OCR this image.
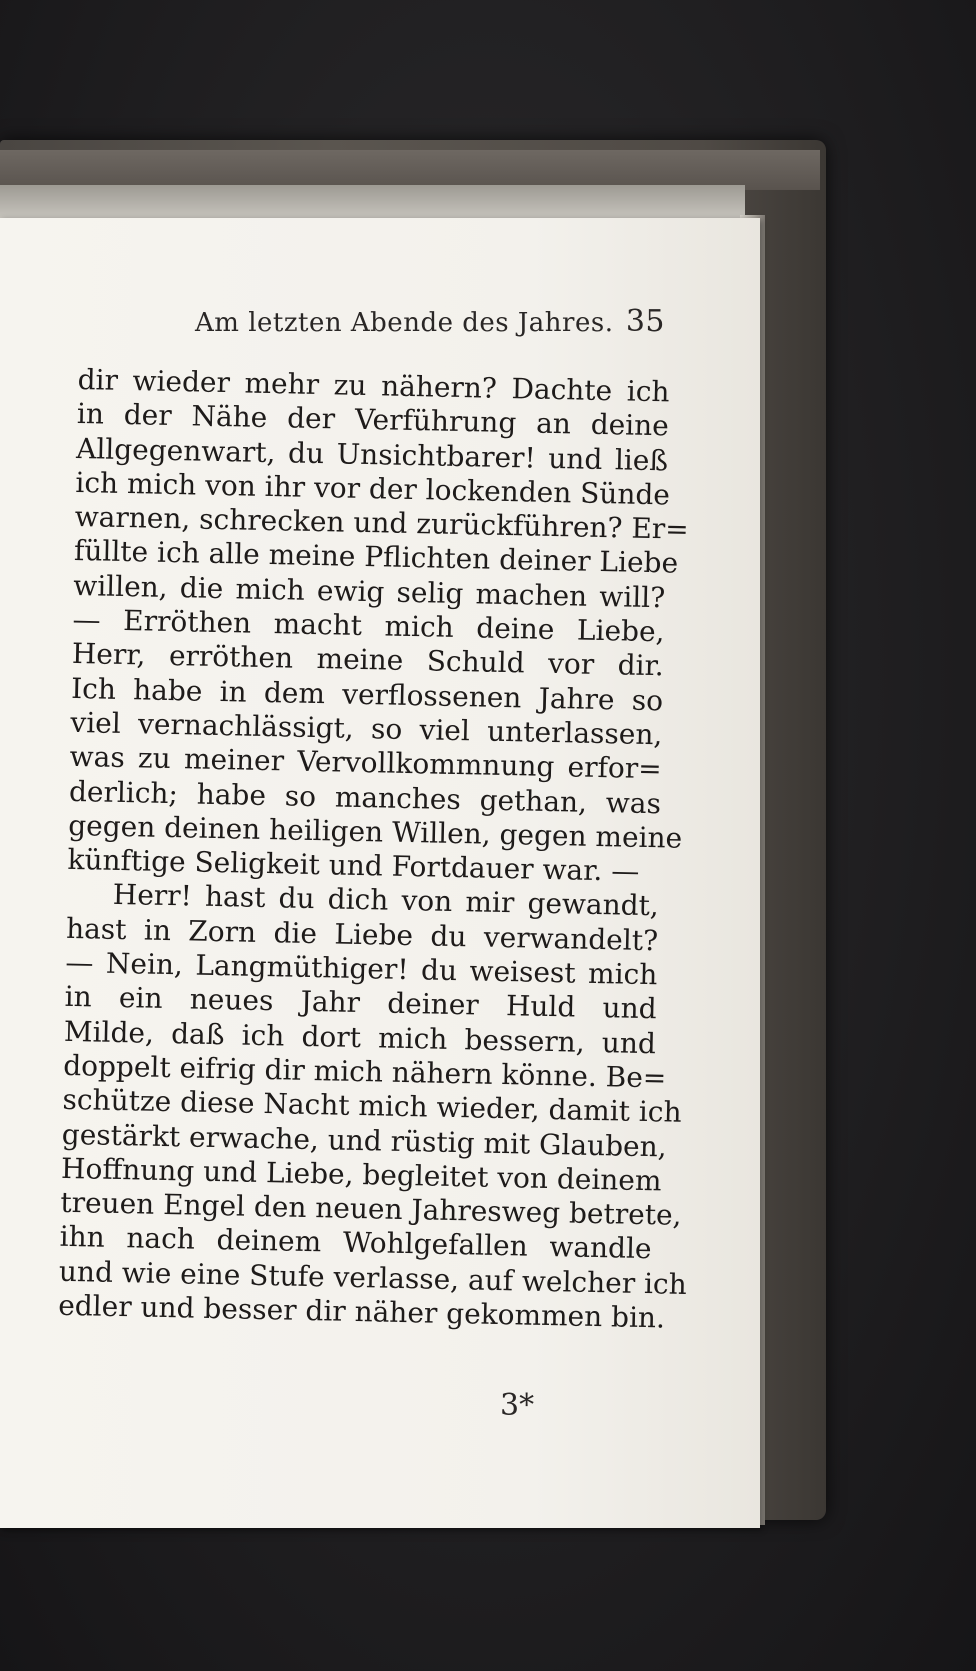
Am letzten Abende des Jahres. 35
dir wieder mehr zu nähern? Dachte ich
in der Nähe der Verführung an deine
Allgegenwart, du Unsichtbarer! und ließ
ich mich von ihr vor der lockenden Sünde
warnen, schrecken und zurückführen? Er=
füllte ich alle meine Pflichten deiner Liebe
willen, die mich ewig selig machen will?
— Erröthen macht mich deine Liebe,
Herr, erröthen meine Schuld vor dir.
Ich habe in dem verflossenen Jahre so
viel vernachlässigt, so viel unterlassen,
was zu meiner Vervollkommnung erfor=
derlich; habe so manches gethan, was
gegen deinen heiligen Willen, gegen meine
künftige Seligkeit und Fortdauer war. —
Herr! hast du dich von mir gewandt,
hast in Zorn die Liebe du verwandelt?
— Nein, Langmüthiger! du weisest mich
in ein neues Jahr deiner Huld und
Milde, daß ich dort mich bessern, und
doppelt eifrig dir mich nähern könne. Be=
schütze diese Nacht mich wieder, damit ich
gestärkt erwache, und rüstig mit Glauben,
Hoffnung und Liebe, begleitet von deinem
treuen Engel den neuen Jahresweg betrete,
ihn nach deinem Wohlgefallen wandle
und wie eine Stufe verlasse, auf welcher ich
edler und besser dir näher gekommen bin.
3*
